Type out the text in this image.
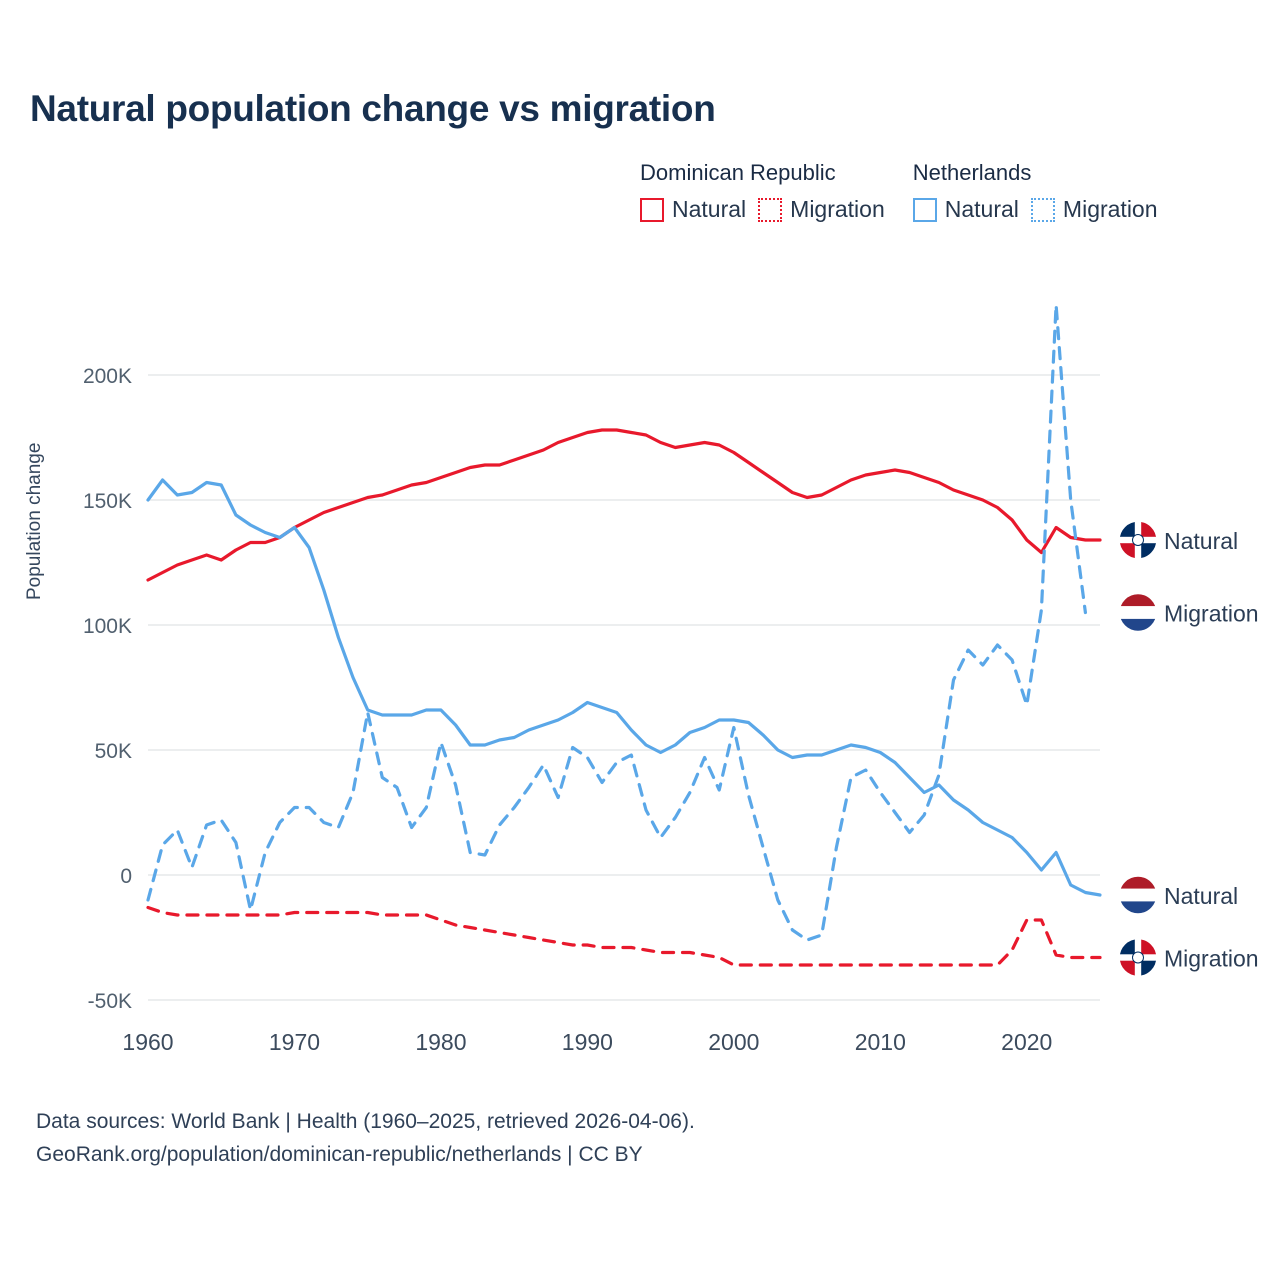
Natural population change vs migration
Dominican Republic
Natural Migration
Netherlands
Natural Migration
Population change
-50K
0
50K
100K
150K
200K
1960	1970	1980	1990	2000	2010	2020
Natural
Migration
Natural
Migration
Data sources: World Bank | Health (1960–2025, retrieved 2026-04-06).
GeoRank.org/population/dominican-republic/netherlands | CC BY
